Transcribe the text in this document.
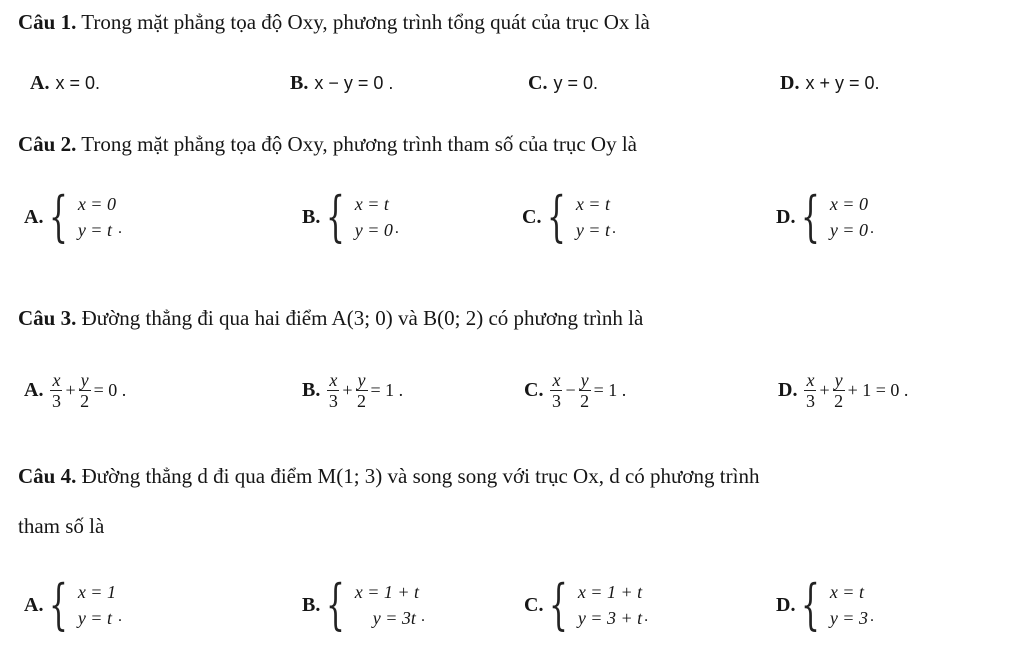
Câu 1. Trong mặt phẳng tọa độ Oxy, phương trình tổng quát của trục Ox là
A. x = 0.	B. x − y = 0 .	C. y = 0.	D. x + y = 0.
Câu 2. Trong mặt phẳng tọa độ Oxy, phương trình tham số của trục Oy là
A. { x = 0
y = t .
B. { x = t
y = 0 .
C. { x = t
y = t .
D. { x = 0
y = 0 .
Câu 3. Đường thẳng đi qua hai điểm A(3; 0) và B(0; 2) có phương trình là
A. $\frac{x}{3} + \frac{y}{2} = 0$ .	B. $\frac{x}{3} + \frac{y}{2} = 1$ .	C. $\frac{x}{3} - \frac{y}{2} = 1$ .	D. $\frac{x}{3} + \frac{y}{2} + 1 = 0$ .
Câu 4. Đường thẳng d đi qua điểm M(1; 3) và song song với trục Ox, d có phương trình
tham số là
A. { x = 1
y = t .
B. { x = 1 + t
y = 3t .
C. { x = 1 + t
y = 3 + t .
D. { x = t
y = 3 .
